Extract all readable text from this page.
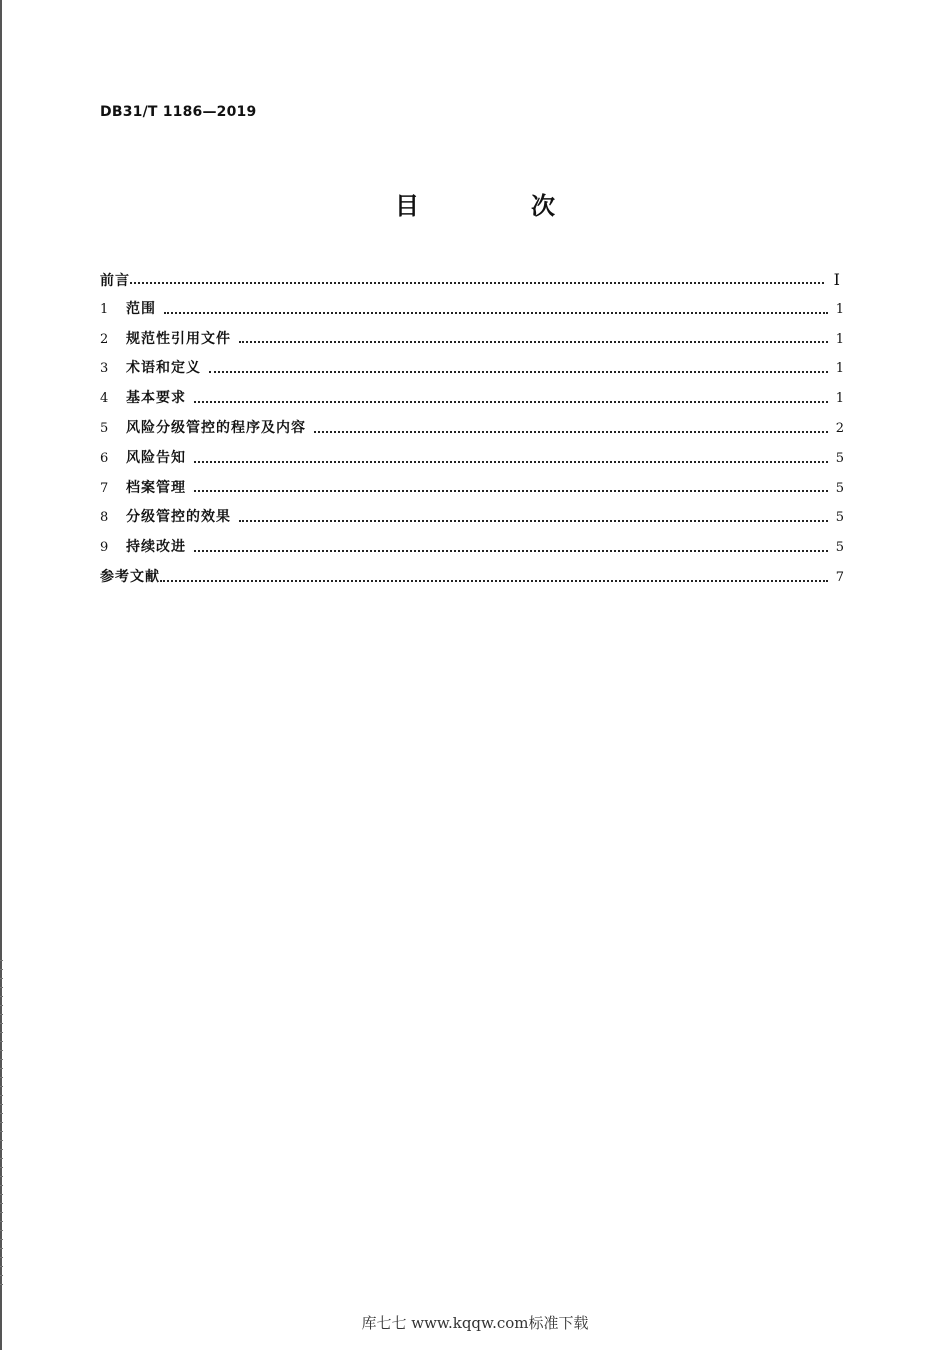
DB31/T 1186—2019
目　次
前言	I
1	范围	1
2	规范性引用文件	1
3	术语和定义	1
4	基本要求	1
5	风险分级管控的程序及内容	2
6	风险告知	5
7	档案管理	5
8	分级管控的效果	5
9	持续改进	5
参考文献	7
库七七 www.kqqw.com标准下载
